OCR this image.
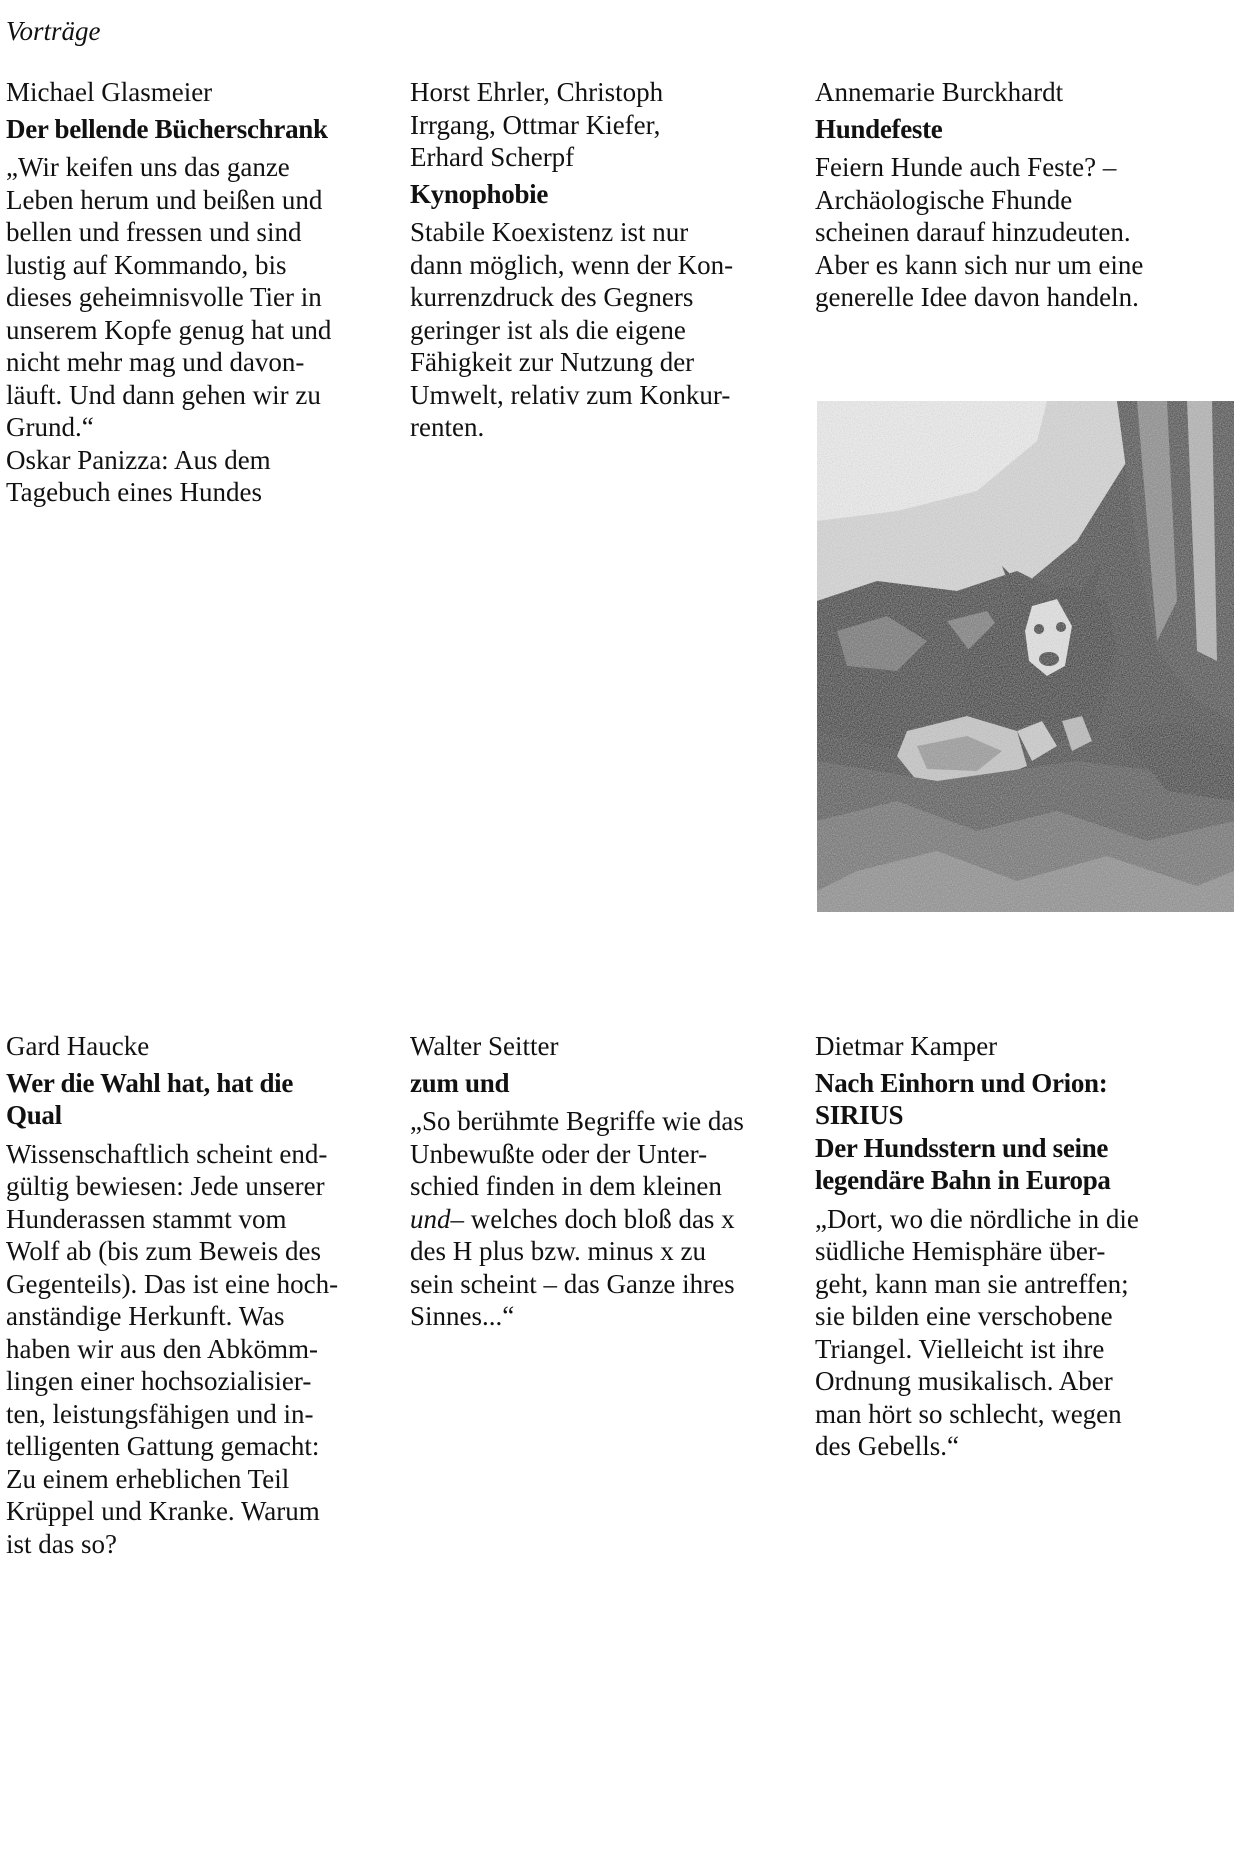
Vorträge
Michael Glasmeier
Der bellende Bücherschrank
„Wir keifen uns das ganze
Leben herum und beißen und
bellen und fressen und sind
lustig auf Kommando, bis
dieses geheimnisvolle Tier in
unserem Kopfe genug hat und
nicht mehr mag und davon-
läuft. Und dann gehen wir zu
Grund.“
Oskar Panizza: Aus dem
Tagebuch eines Hundes
Horst Ehrler, Christoph
Irrgang, Ottmar Kiefer,
Erhard Scherpf
Kynophobie
Stabile Koexistenz ist nur
dann möglich, wenn der Kon-
kurrenzdruck des Gegners
geringer ist als die eigene
Fähigkeit zur Nutzung der
Umwelt, relativ zum Konkur-
renten.
Annemarie Burckhardt
Hundefeste
Feiern Hunde auch Feste? –
Archäologische Fhunde
scheinen darauf hinzudeuten.
Aber es kann sich nur um eine
generelle Idee davon handeln.
Gard Haucke
Wer die Wahl hat, hat die
Qual
Wissenschaftlich scheint end-
gültig bewiesen: Jede unserer
Hunderassen stammt vom
Wolf ab (bis zum Beweis des
Gegenteils). Das ist eine hoch-
anständige Herkunft. Was
haben wir aus den Abkömm-
lingen einer hochsozialisier-
ten, leistungsfähigen und in-
telligenten Gattung gemacht:
Zu einem erheblichen Teil
Krüppel und Kranke. Warum
ist das so?
Walter Seitter
zum und
„So berühmte Begriffe wie das
Unbewußte oder der Unter-
schied finden in dem kleinen
und– welches doch bloß das x
des H plus bzw. minus x zu
sein scheint – das Ganze ihres
Sinnes...“
Dietmar Kamper
Nach Einhorn und Orion:
SIRIUS
Der Hundsstern und seine
legendäre Bahn in Europa
„Dort, wo die nördliche in die
südliche Hemisphäre über-
geht, kann man sie antreffen;
sie bilden eine verschobene
Triangel. Vielleicht ist ihre
Ordnung musikalisch. Aber
man hört so schlecht, wegen
des Gebells.“
